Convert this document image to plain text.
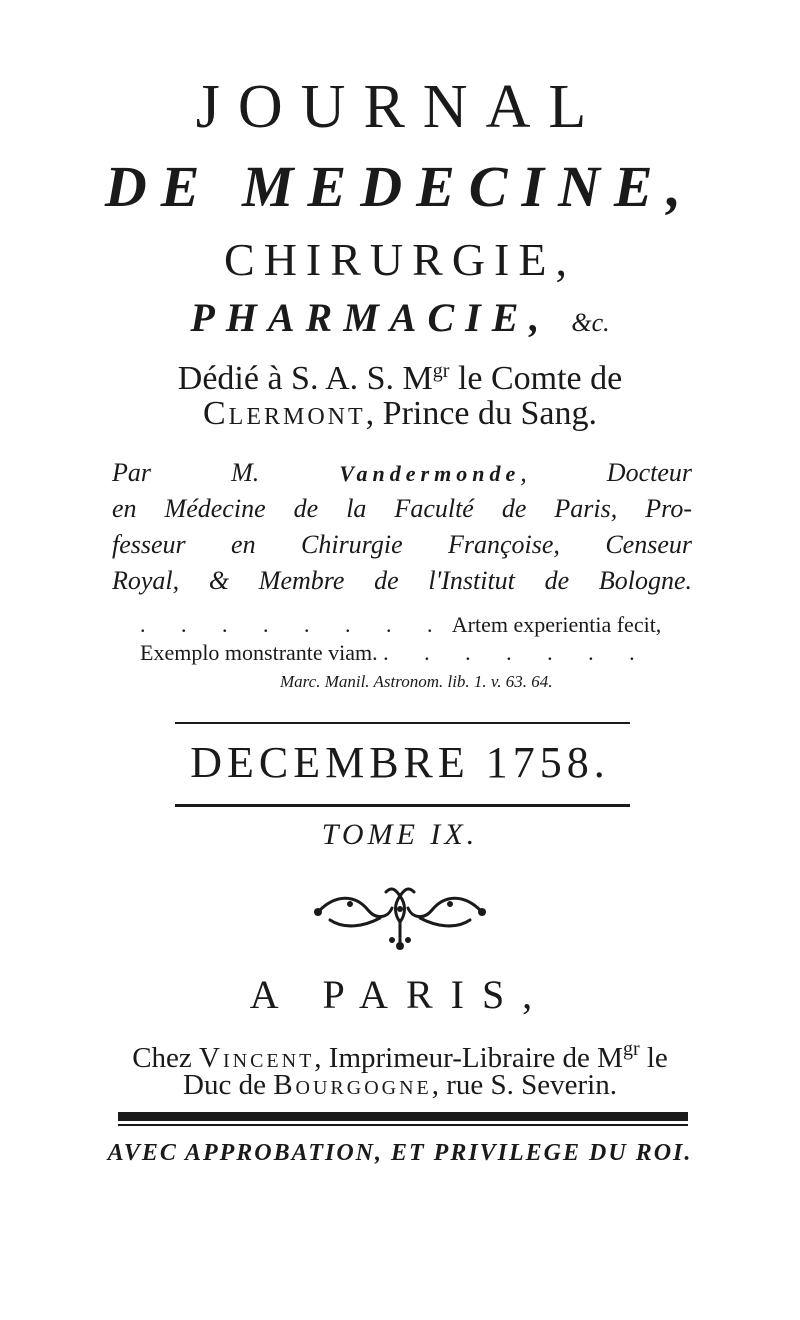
JOURNAL
DE MEDECINE,
CHIRURGIE,
PHARMACIE, &c.
Dédié à S. A. S. $M^{gr}$ le Comte de
Clermont, Prince du Sang.
Par M.	Vandermonde, Docteur
en Médecine de la Faculté de Paris, Pro-
fesseur en Chirurgie Françoise, Censeur
Royal, & Membre de l'Institut de Bologne.
. . . . . . . . Artem experientia fecit,
Exemplo monstrante viam. . . . . . . .
Marc. Manil. Astronom. lib. 1. v. 63. 64.
DECEMBRE 1758.
TOME IX.
A PARIS,
Chez Vincent, Imprimeur-Libraire de $M^{gr}$ le
Duc de Bourgogne, rue S. Severin.
AVEC APPROBATION, ET PRIVILEGE DU ROI.
